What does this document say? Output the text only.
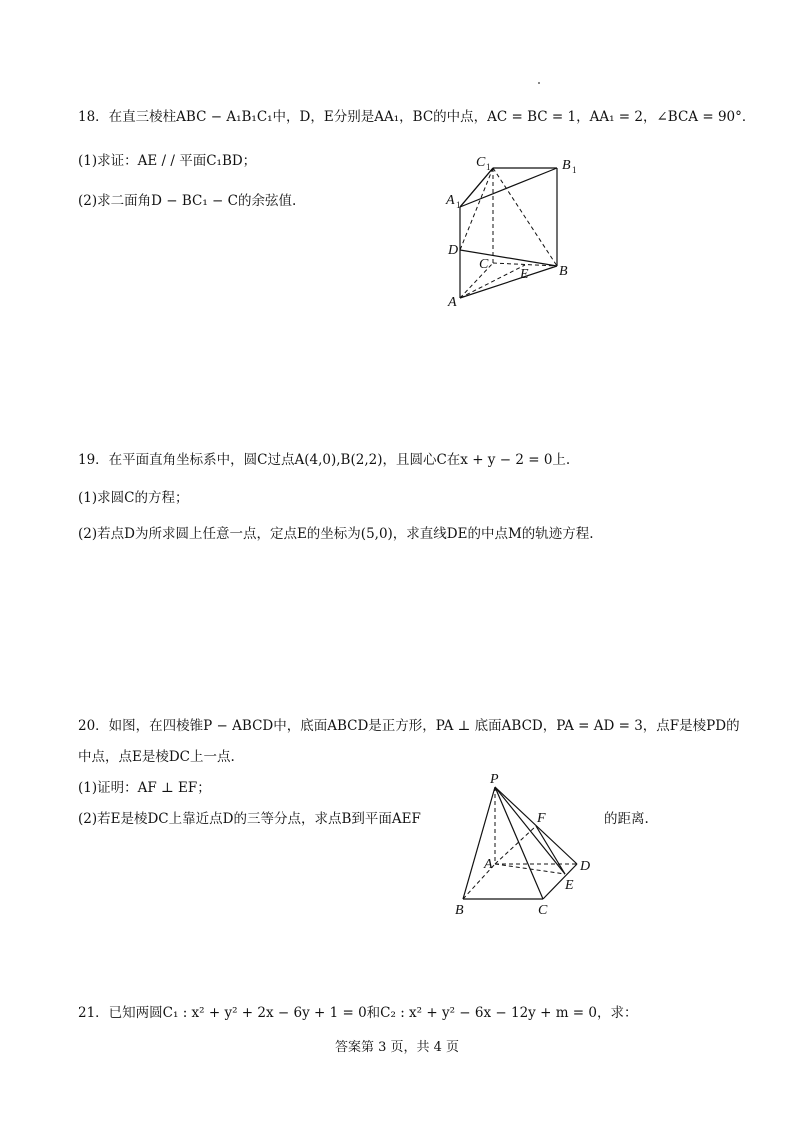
18．在直三棱柱ABC − A₁B₁C₁中，D，E分别是AA₁，BC的中点，AC = BC = 1，AA₁ = 2，∠BCA = 90°．
(1)求证：AE / / 平面C₁BD；
(2)求二面角D − BC₁ − C的余弦值.
C 1	B 1
A 1
D
C
E B
A
19．在平面直角坐标系中，圆C过点A(4,0),B(2,2)，且圆心C在x + y − 2 = 0上.
(1)求圆C的方程；
(2)若点D为所求圆上任意一点，定点E的坐标为(5,0)，求直线DE的中点M的轨迹方程.
20．如图，在四棱锥P − ABCD中，底面ABCD是正方形，PA ⊥ 底面ABCD，PA = AD = 3，点F是棱PD的
中点，点E是棱DC上一点.
(1)证明：AF ⊥ EF；
(2)若E是棱DC上靠近点D的三等分点，求点B到平面AEF	的距离.
P
F
A	D
E
B	C
21．已知两圆C₁ : x² + y² + 2x − 6y + 1 = 0和C₂ : x² + y² − 6x − 12y + m = 0，求：
答案第 3 页，共 4 页
